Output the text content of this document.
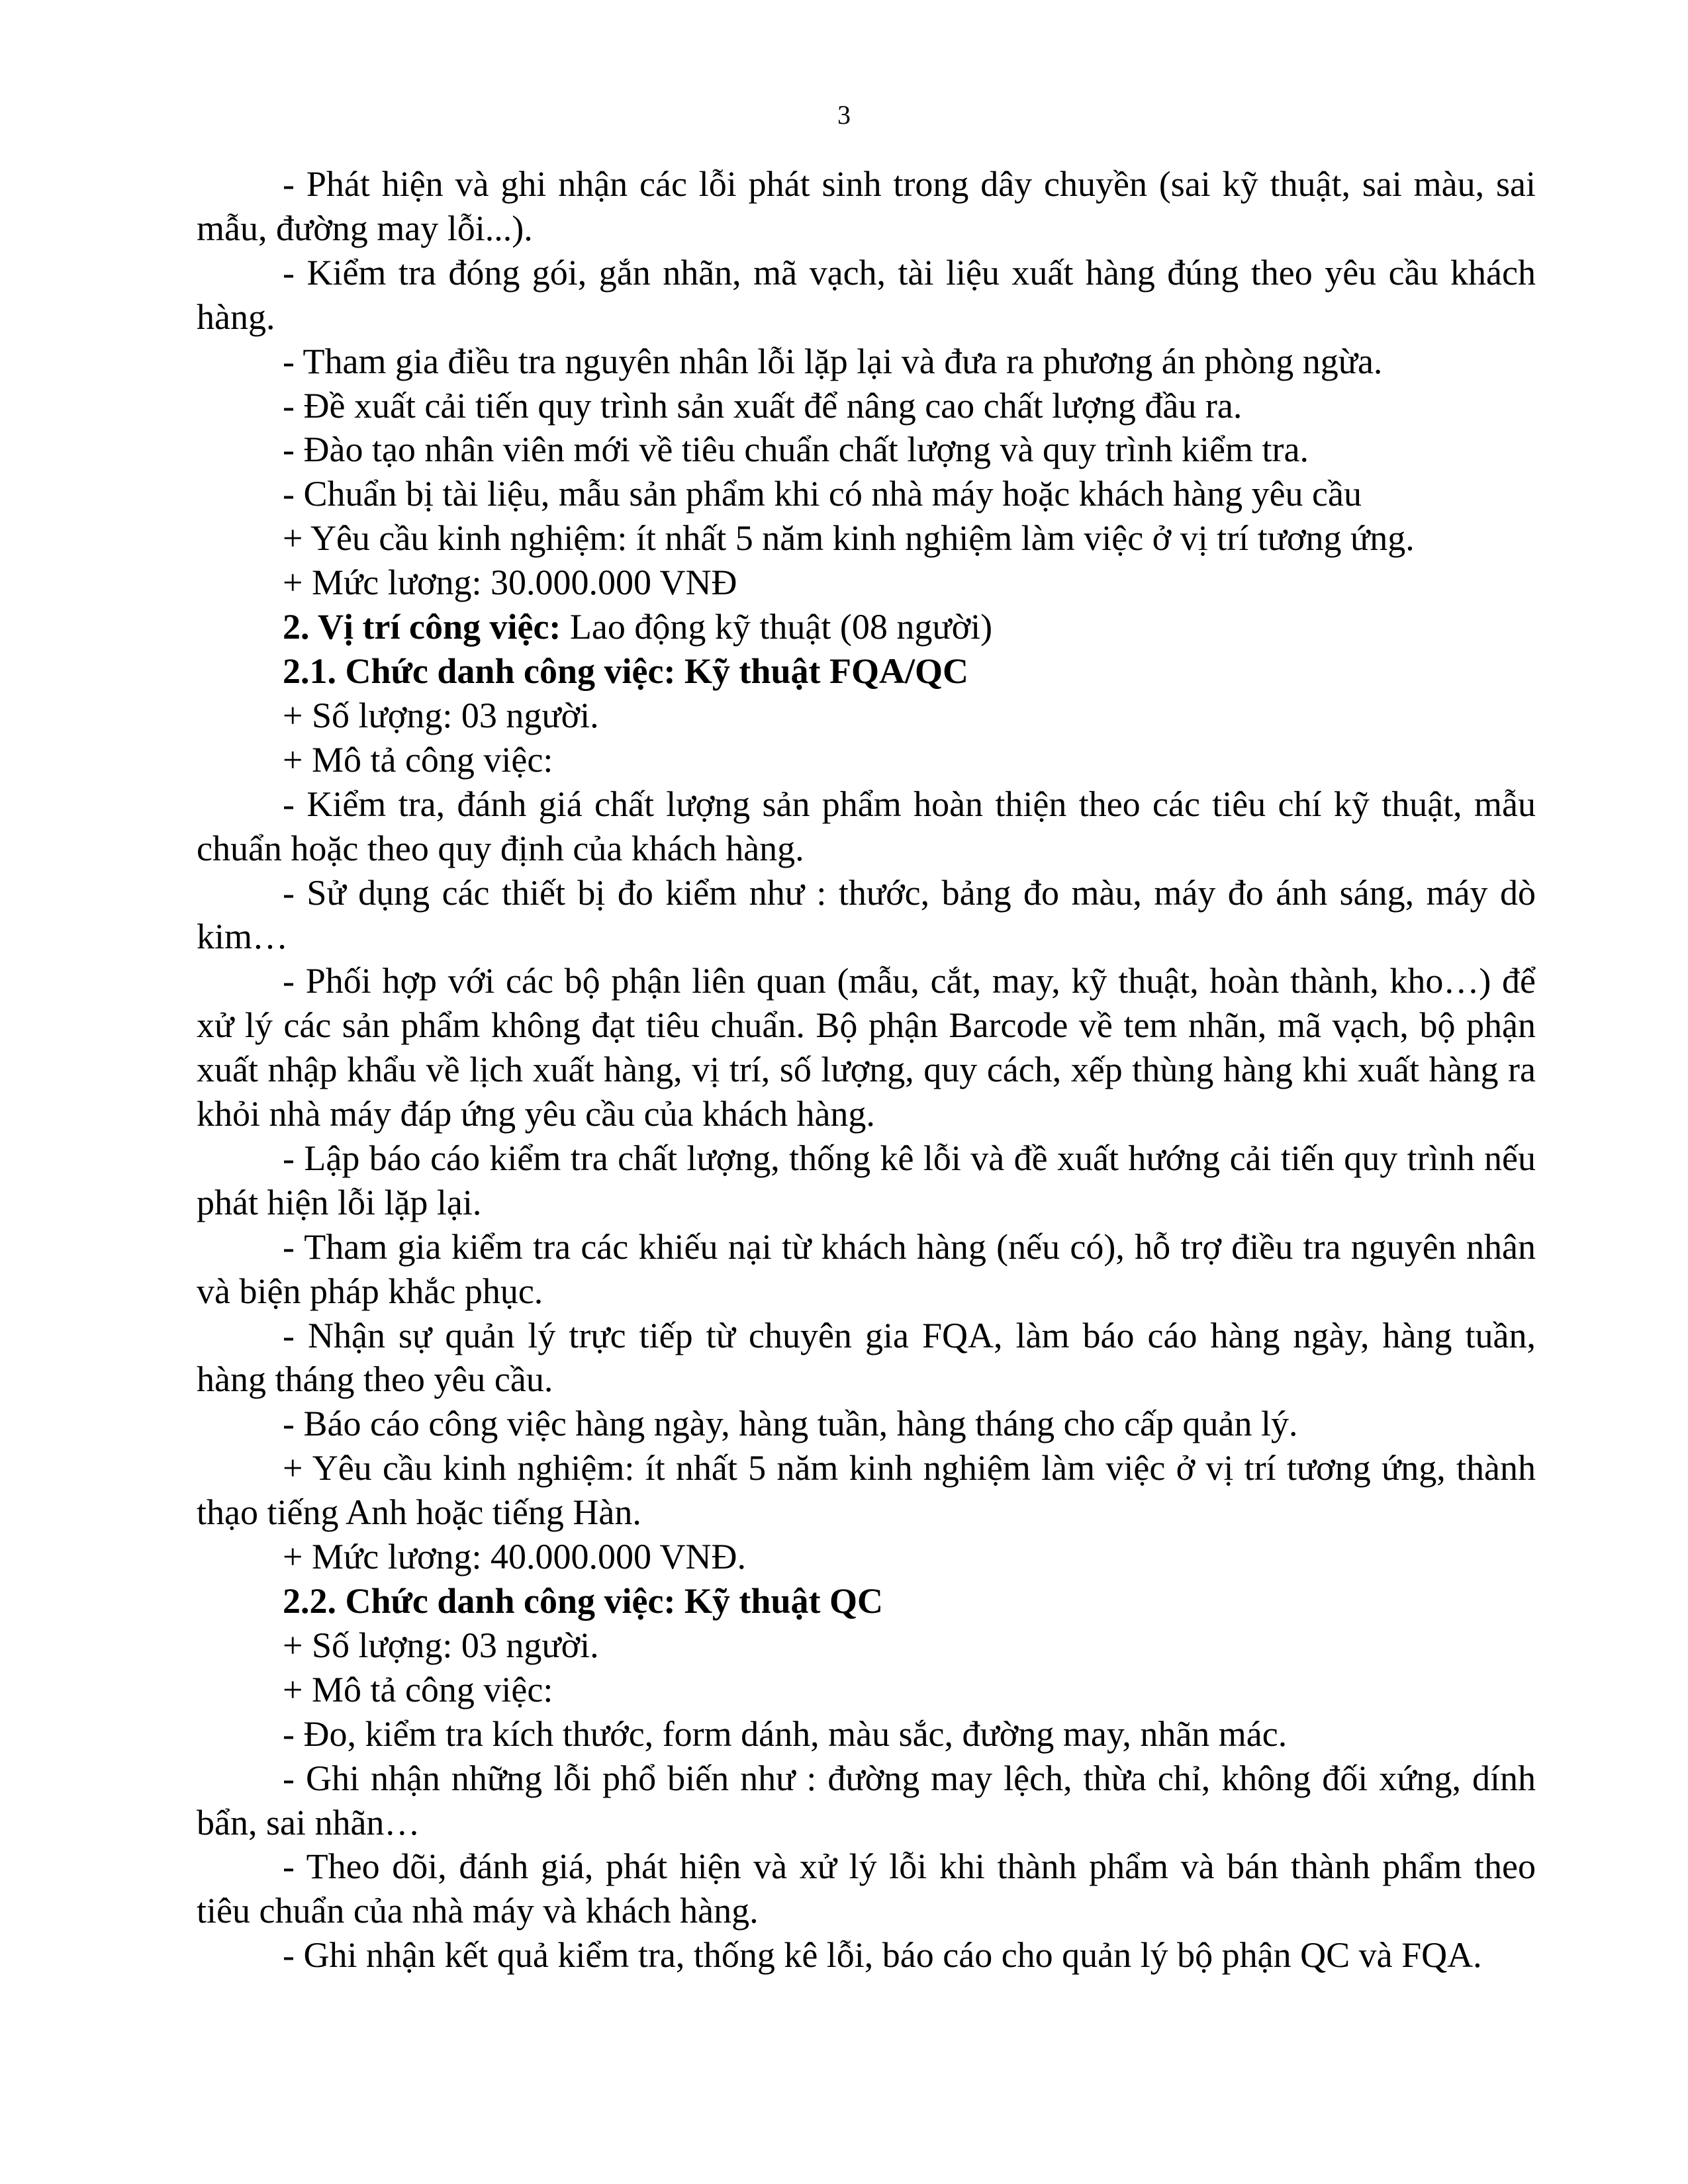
3

- Phát hiện và ghi nhận các lỗi phát sinh trong dây chuyền (sai kỹ thuật, sai màu, sai mẫu, đường may lỗi...).

- Kiểm tra đóng gói, gắn nhãn, mã vạch, tài liệu xuất hàng đúng theo yêu cầu khách hàng.

- Tham gia điều tra nguyên nhân lỗi lặp lại và đưa ra phương án phòng ngừa.

- Đề xuất cải tiến quy trình sản xuất để nâng cao chất lượng đầu ra.

- Đào tạo nhân viên mới về tiêu chuẩn chất lượng và quy trình kiểm tra.

- Chuẩn bị tài liệu, mẫu sản phẩm khi có nhà máy hoặc khách hàng yêu cầu

+ Yêu cầu kinh nghiệm: ít nhất 5 năm kinh nghiệm làm việc ở vị trí tương ứng.

+ Mức lương: 30.000.000 VNĐ

2. Vị trí công việc: Lao động kỹ thuật (08 người)

2.1. Chức danh công việc: Kỹ thuật FQA/QC

+ Số lượng: 03 người.

+ Mô tả công việc:

- Kiểm tra, đánh giá chất lượng sản phẩm hoàn thiện theo các tiêu chí kỹ thuật, mẫu chuẩn hoặc theo quy định của khách hàng.

- Sử dụng các thiết bị đo kiểm như : thước, bảng đo màu, máy đo ánh sáng, máy dò kim…

- Phối hợp với các bộ phận liên quan (mẫu, cắt, may, kỹ thuật, hoàn thành, kho…) để xử lý các sản phẩm không đạt tiêu chuẩn. Bộ phận Barcode về tem nhãn, mã vạch, bộ phận xuất nhập khẩu về lịch xuất hàng, vị trí, số lượng, quy cách, xếp thùng hàng khi xuất hàng ra khỏi nhà máy đáp ứng yêu cầu của khách hàng.

- Lập báo cáo kiểm tra chất lượng, thống kê lỗi và đề xuất hướng cải tiến quy trình nếu phát hiện lỗi lặp lại.

- Tham gia kiểm tra các khiếu nại từ khách hàng (nếu có), hỗ trợ điều tra nguyên nhân và biện pháp khắc phục.

- Nhận sự quản lý trực tiếp từ chuyên gia FQA, làm báo cáo hàng ngày, hàng tuần, hàng tháng theo yêu cầu.

- Báo cáo công việc hàng ngày, hàng tuần, hàng tháng cho cấp quản lý.

+ Yêu cầu kinh nghiệm: ít nhất 5 năm kinh nghiệm làm việc ở vị trí tương ứng, thành thạo tiếng Anh hoặc tiếng Hàn.

+ Mức lương: 40.000.000 VNĐ.

2.2. Chức danh công việc: Kỹ thuật QC

+ Số lượng: 03 người.

+ Mô tả công việc:

- Đo, kiểm tra kích thước, form dánh, màu sắc, đường may, nhãn mác.

- Ghi nhận những lỗi phổ biến như : đường may lệch, thừa chỉ, không đối xứng, dính bẩn, sai nhãn…

- Theo dõi, đánh giá, phát hiện và xử lý lỗi khi thành phẩm và bán thành phẩm theo tiêu chuẩn của nhà máy và khách hàng.

- Ghi nhận kết quả kiểm tra, thống kê lỗi, báo cáo cho quản lý bộ phận QC và FQA.
